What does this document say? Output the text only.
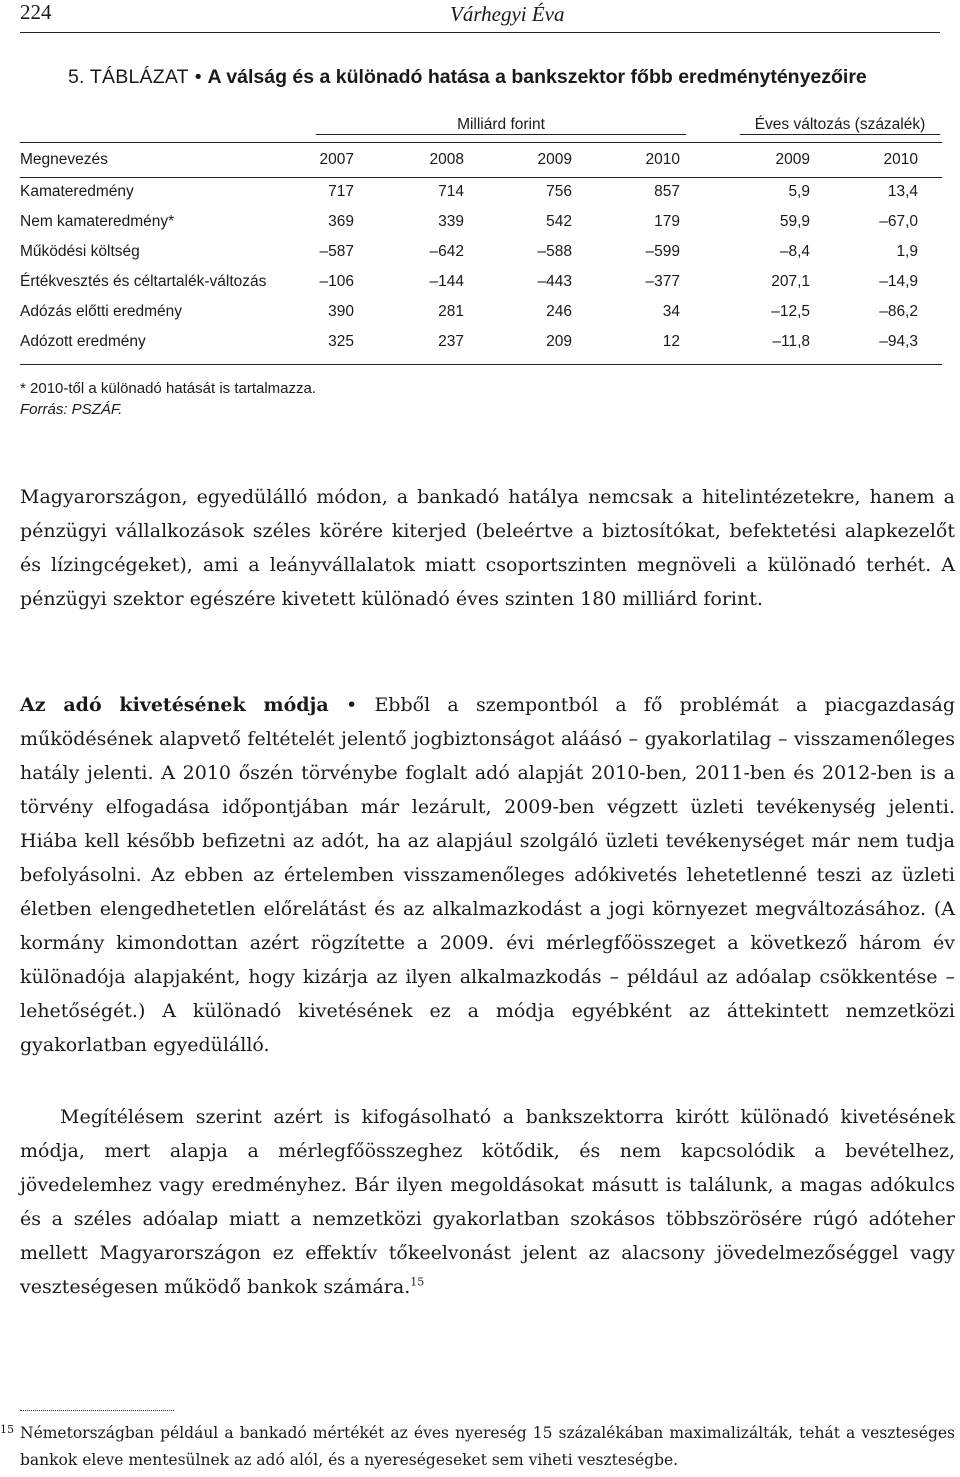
224	Várhegyi Éva
5. TÁBLÁZAT • A válság és a különadó hatása a bankszektor főbb eredménytényezőire
Milliárd forint	Éves változás (százalék)
Megnevezés	2007	2008	2009	2010	2009	2010
Kamateredmény	717	714	756	857	5,9	13,4
Nem kamateredmény*	369	339	542	179	59,9	–67,0
Működési költség	–587	–642	–588	–599	–8,4	1,9
Értékvesztés és céltartalék-változás	–106	–144	–443	–377	207,1	–14,9
Adózás előtti eredmény	390	281	246	34	–12,5	–86,2
Adózott eredmény	325	237	209	12	–11,8	–94,3
* 2010-től a különadó hatását is tartalmazza.
Forrás: PSZÁF.

Magyarországon, egyedülálló módon, a bankadó hatálya nemcsak a hitelintézetekre, hanem a pénzügyi vállalkozások széles körére kiterjed (beleértve a biztosítókat, befektetési alapkezelőt és lízingcégeket), ami a leányvállalatok miatt csoportszinten megnöveli a különadó terhét. A pénzügyi szektor egészére kivetett különadó éves szinten 180 milliárd forint.

Az adó kivetésének módja • Ebből a szempontból a fő problémát a piacgazdaság működésének alapvető feltételét jelentő jogbiztonságot aláásó – gyakorlatilag – visszamenőleges hatály jelenti. A 2010 őszén törvénybe foglalt adó alapját 2010-ben, 2011-ben és 2012-ben is a törvény elfogadása időpontjában már lezárult, 2009-ben végzett üzleti tevékenység jelenti. Hiába kell később befizetni az adót, ha az alapjául szolgáló üzleti tevékenységet már nem tudja befolyásolni. Az ebben az értelemben visszamenőleges adókivetés lehetetlenné teszi az üzleti életben elengedhetetlen előrelátást és az alkalmazkodást a jogi környezet megváltozásához. (A kormány kimondottan azért rögzítette a 2009. évi mérlegfőösszeget a következő három év különadója alapjaként, hogy kizárja az ilyen alkalmazkodás – például az adóalap csökkentése – lehetőségét.) A különadó kivetésének ez a módja egyébként az áttekintett nemzetközi gyakorlatban egyedülálló.

Megítélésem szerint azért is kifogásolható a bankszektorra kirótt különadó kivetésének módja, mert alapja a mérlegfőösszeghez kötődik, és nem kapcsolódik a bevételhez, jövedelemhez vagy eredményhez. Bár ilyen megoldásokat másutt is találunk, a magas adókulcs és a széles adóalap miatt a nemzetközi gyakorlatban szokásos többszörösére rúgó adóteher mellett Magyarországon ez effektív tőkeelvonást jelent az alacsony jövedelmezőséggel vagy veszteségesen működő bankok számára.$^{15}$

15 Németországban például a bankadó mértékét az éves nyereség 15 százalékában maximalizálták, tehát a veszteséges bankok eleve mentesülnek az adó alól, és a nyereségeseket sem viheti veszteségbe.
